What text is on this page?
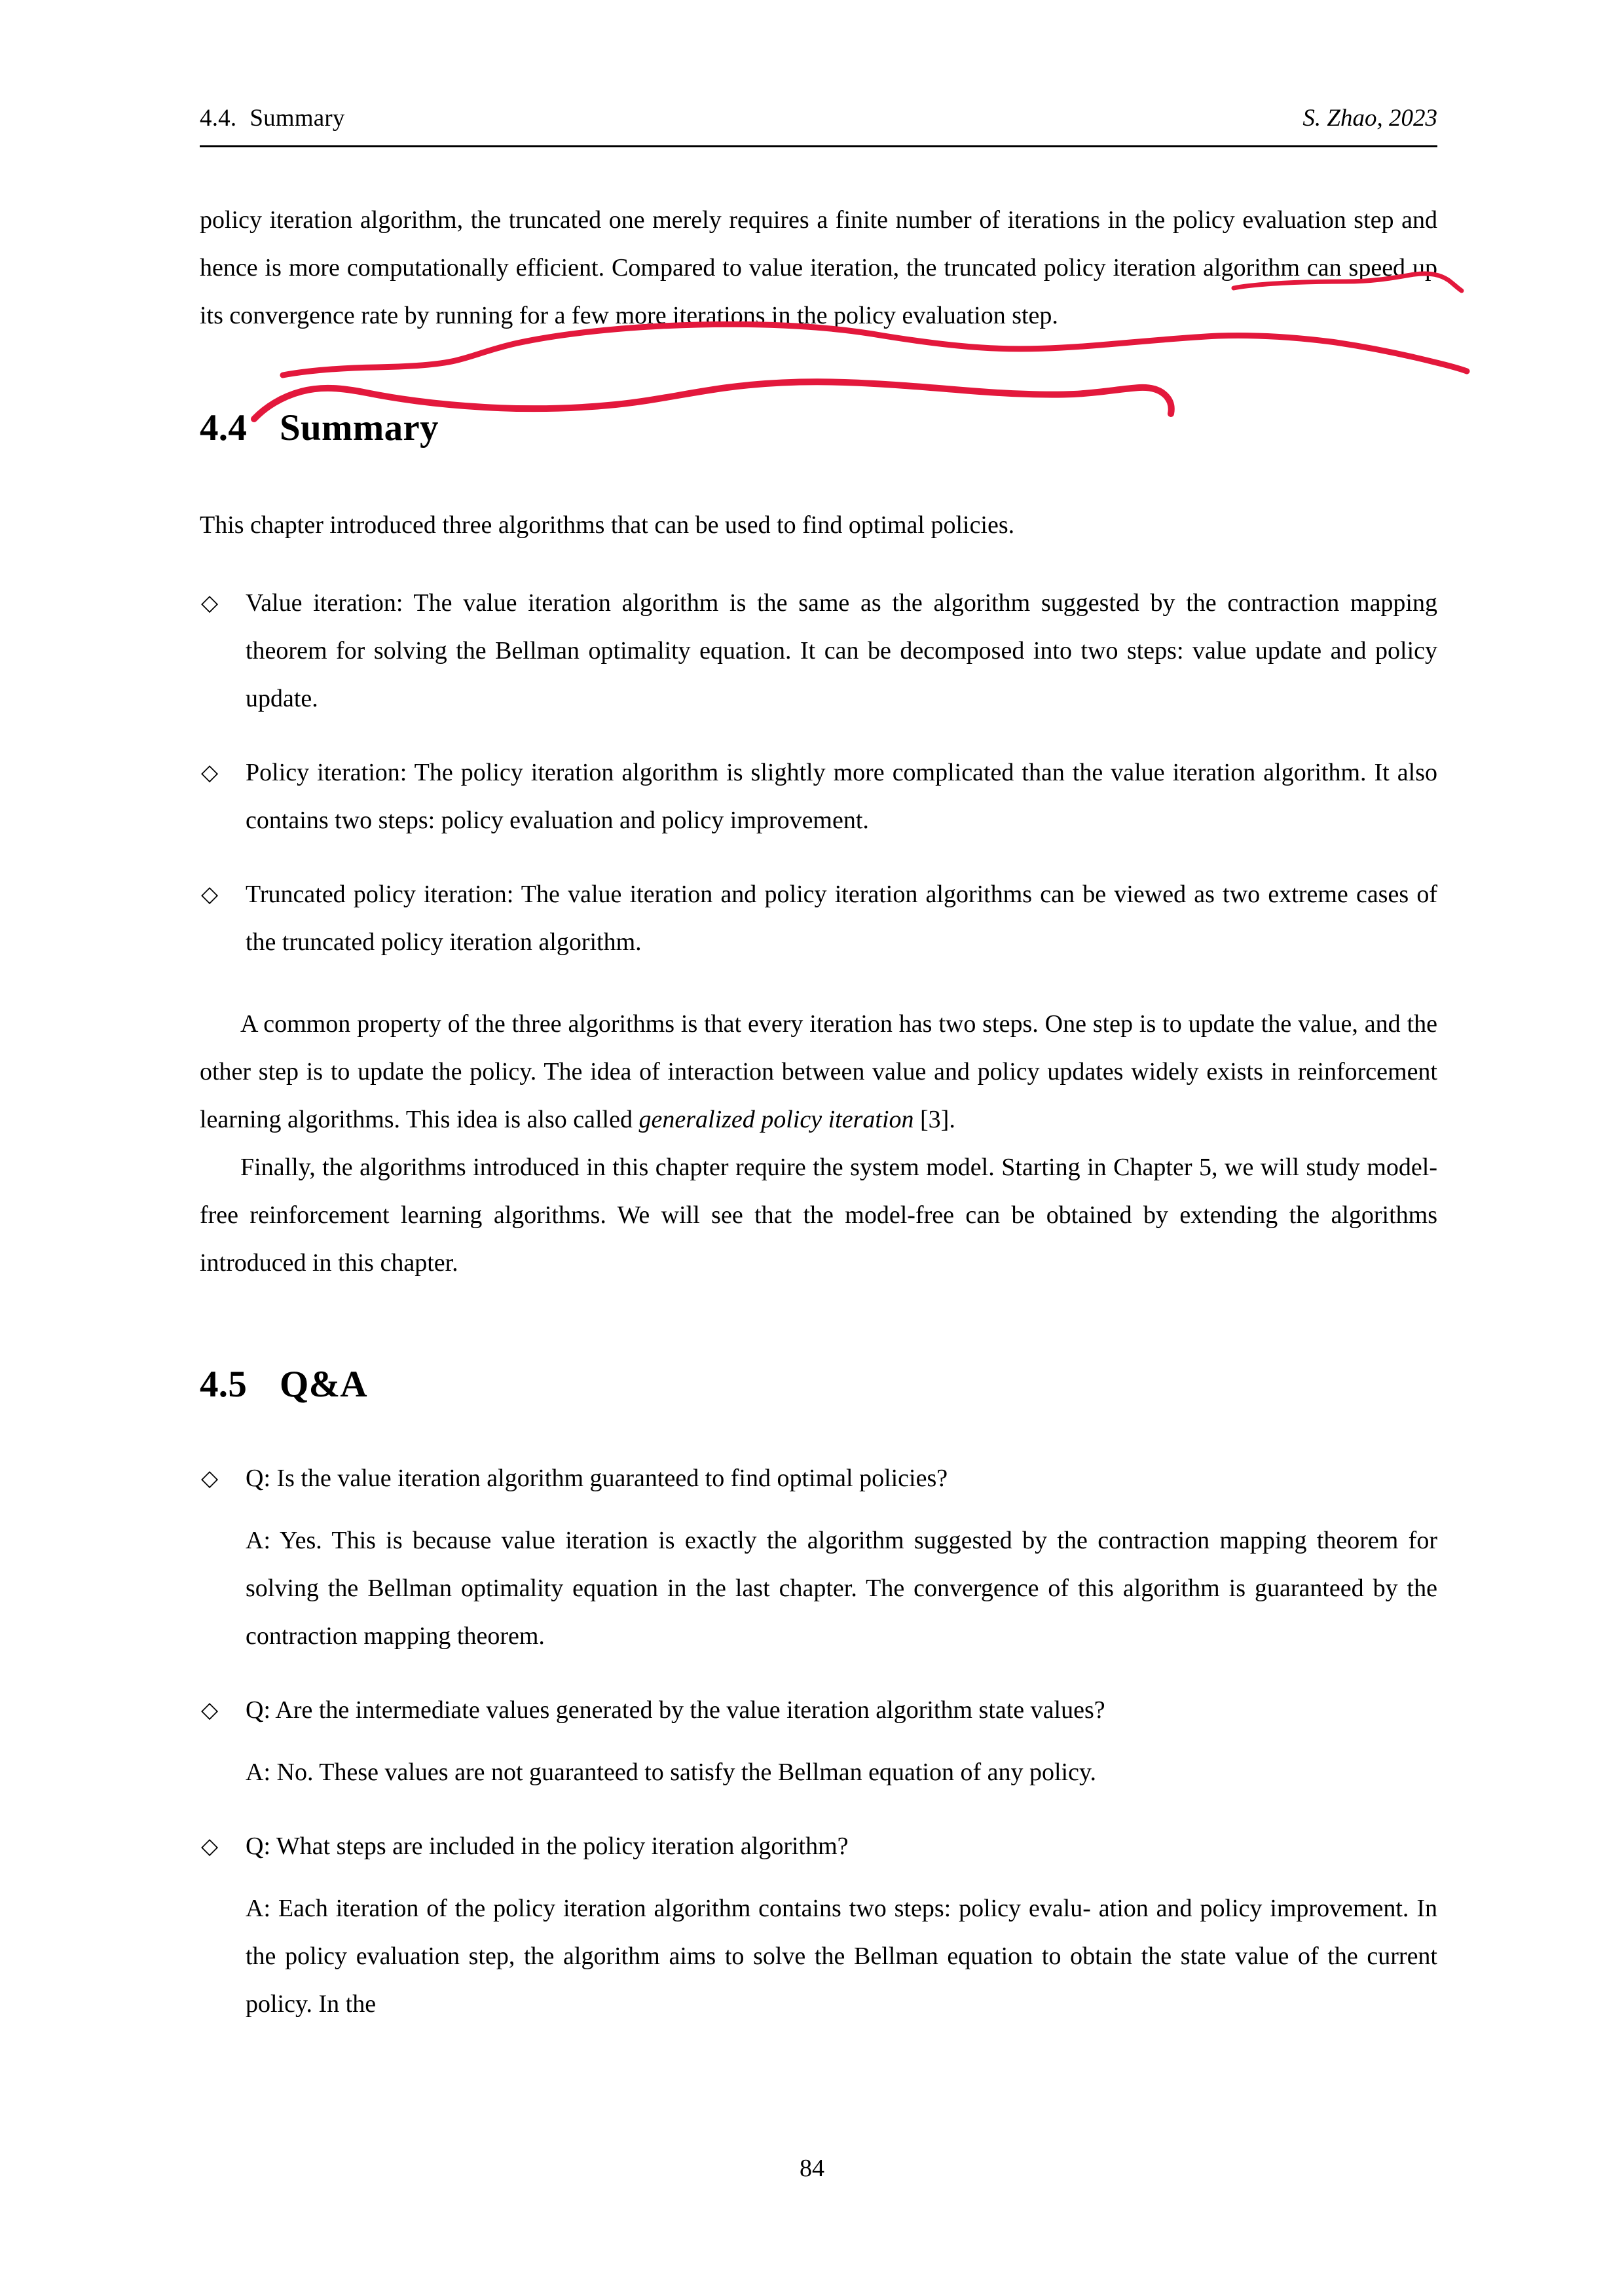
4.4. Summary	S. Zhao, 2023

policy iteration algorithm, the truncated one merely requires a finite number of iterations in the policy evaluation step and hence is more computationally efficient. Compared to value iteration, the truncated policy iteration algorithm can speed up its convergence rate by running for a few more iterations in the policy evaluation step.

4.4 Summary

This chapter introduced three algorithms that can be used to find optimal policies.

◇ Value iteration: The value iteration algorithm is the same as the algorithm suggested by the contraction mapping theorem for solving the Bellman optimality equation. It can be decomposed into two steps: value update and policy update.
◇ Policy iteration: The policy iteration algorithm is slightly more complicated than the value iteration algorithm. It also contains two steps: policy evaluation and policy improvement.
◇ Truncated policy iteration: The value iteration and policy iteration algorithms can be viewed as two extreme cases of the truncated policy iteration algorithm.

A common property of the three algorithms is that every iteration has two steps. One step is to update the value, and the other step is to update the policy. The idea of interaction between value and policy updates widely exists in reinforcement learning algorithms. This idea is also called generalized policy iteration [3].

Finally, the algorithms introduced in this chapter require the system model. Starting in Chapter 5, we will study model-free reinforcement learning algorithms. We will see that the model-free can be obtained by extending the algorithms introduced in this chapter.

4.5 Q&A
◇ Q: Is the value iteration algorithm guaranteed to find optimal policies?
A: Yes. This is because value iteration is exactly the algorithm suggested by the contraction mapping theorem for solving the Bellman optimality equation in the last chapter. The convergence of this algorithm is guaranteed by the contraction mapping theorem.
◇ Q: Are the intermediate values generated by the value iteration algorithm state values?
A: No. These values are not guaranteed to satisfy the Bellman equation of any policy.
◇ Q: What steps are included in the policy iteration algorithm?
A: Each iteration of the policy iteration algorithm contains two steps: policy evalu- ation and policy improvement. In the policy evaluation step, the algorithm aims to solve the Bellman equation to obtain the state value of the current policy. In the
84
